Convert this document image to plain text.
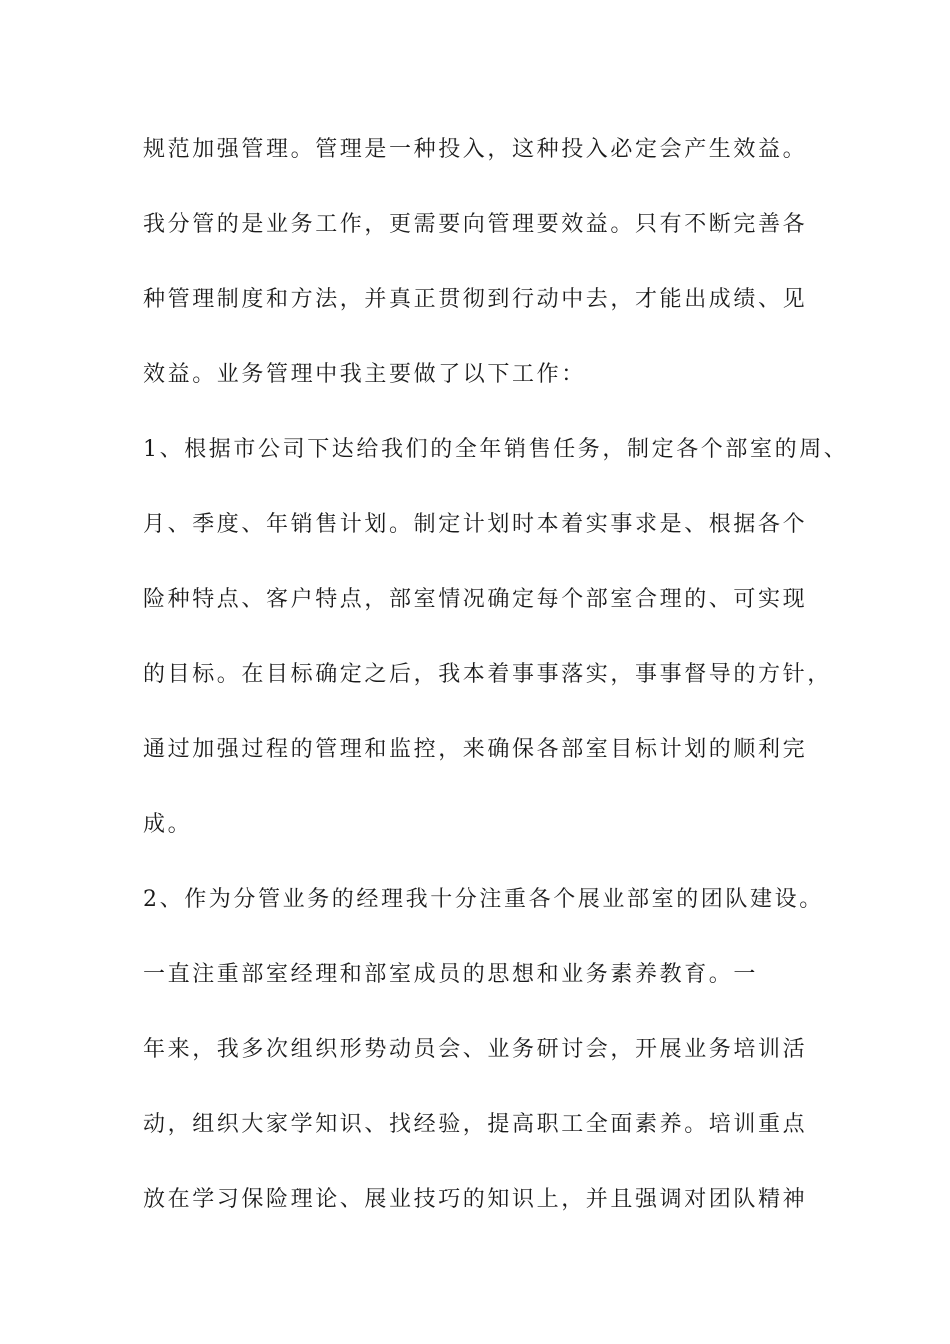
规范加强管理。管理是一种投入，这种投入必定会产生效益。
我分管的是业务工作，更需要向管理要效益。只有不断完善各
种管理制度和方法，并真正贯彻到行动中去，才能出成绩、见
效益。业务管理中我主要做了以下工作：
1、根据市公司下达给我们的全年销售任务，制定各个部室的周、
月、季度、年销售计划。制定计划时本着实事求是、根据各个
险种特点、客户特点，部室情况确定每个部室合理的、可实现
的目标。在目标确定之后，我本着事事落实，事事督导的方针，
通过加强过程的管理和监控，来确保各部室目标计划的顺利完
成。
2、作为分管业务的经理我十分注重各个展业部室的团队建设。
一直注重部室经理和部室成员的思想和业务素养教育。一
年来，我多次组织形势动员会、业务研讨会，开展业务培训活
动，组织大家学知识、找经验，提高职工全面素养。培训重点
放在学习保险理论、展业技巧的知识上，并且强调对团队精神
